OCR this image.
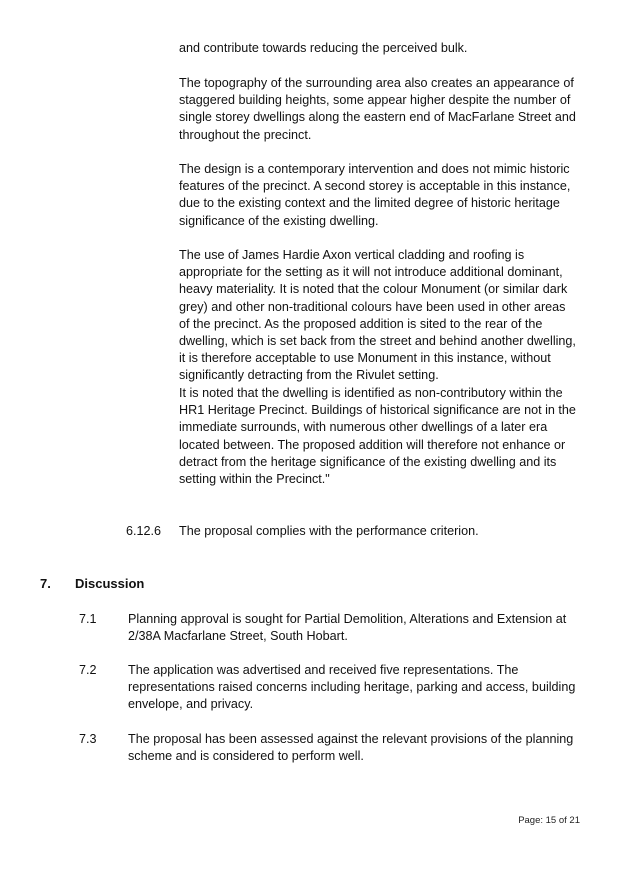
and contribute towards reducing the perceived bulk.

The topography of the surrounding area also creates an appearance of staggered building heights, some appear higher despite the number of single storey dwellings along the eastern end of MacFarlane Street and throughout the precinct.

The design is a contemporary intervention and does not mimic historic features of the precinct. A second storey is acceptable in this instance, due to the existing context and the limited degree of historic heritage significance of the existing dwelling.

The use of James Hardie Axon vertical cladding and roofing is appropriate for the setting as it will not introduce additional dominant, heavy materiality. It is noted that the colour Monument (or similar dark grey) and other non-traditional colours have been used in other areas of the precinct. As the proposed addition is sited to the rear of the dwelling, which is set back from the street and behind another dwelling, it is therefore acceptable to use Monument in this instance, without significantly detracting from the Rivulet setting.

It is noted that the dwelling is identified as non-contributory within the HR1 Heritage Precinct. Buildings of historical significance are not in the immediate surrounds, with numerous other dwellings of a later era located between. The proposed addition will therefore not enhance or detract from the heritage significance of the existing dwelling and its setting within the Precinct."

6.12.6 The proposal complies with the performance criterion.
7. Discussion
7.1 Planning approval is sought for Partial Demolition, Alterations and Extension at 2/38A Macfarlane Street, South Hobart.
7.2 The application was advertised and received five representations. The representations raised concerns including heritage, parking and access, building envelope, and privacy.
7.3 The proposal has been assessed against the relevant provisions of the planning scheme and is considered to perform well.
Page: 15 of 21
